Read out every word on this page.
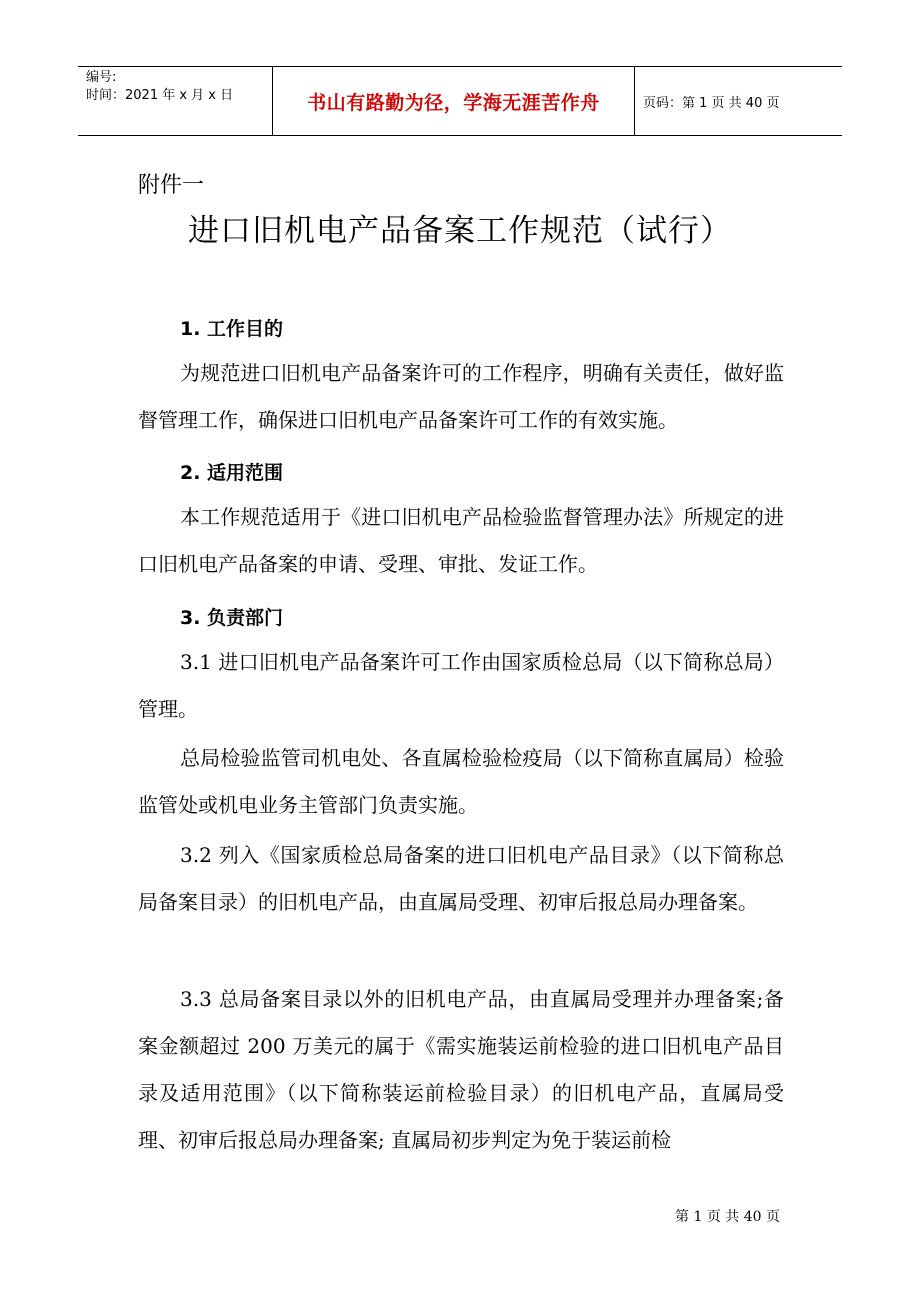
编号:
时间：2021 年 x 月 x 日	书山有路勤为径，学海无涯苦作舟	页码：第 1 页 共 40 页
附件一
进口旧机电产品备案工作规范（试行）
1. 工作目的
为规范进口旧机电产品备案许可的工作程序，明确有关责任，做好监督管理工作，确保进口旧机电产品备案许可工作的有效实施。
2. 适用范围
本工作规范适用于《进口旧机电产品检验监督管理办法》所规定的进口旧机电产品备案的申请、受理、审批、发证工作。
3. 负责部门
3.1 进口旧机电产品备案许可工作由国家质检总局（以下简称总局）管理。
总局检验监管司机电处、各直属检验检疫局（以下简称直属局）检验监管处或机电业务主管部门负责实施。
3.2 列入《国家质检总局备案的进口旧机电产品目录》（以下简称总局备案目录）的旧机电产品，由直属局受理、初审后报总局办理备案。
3.3 总局备案目录以外的旧机电产品，由直属局受理并办理备案;备案金额超过 200 万美元的属于《需实施装运前检验的进口旧机电产品目录及适用范围》（以下简称装运前检验目录）的旧机电产品，直属局受理、初审后报总局办理备案; 直属局初步判定为免于装运前检
第 1 页 共 40 页
